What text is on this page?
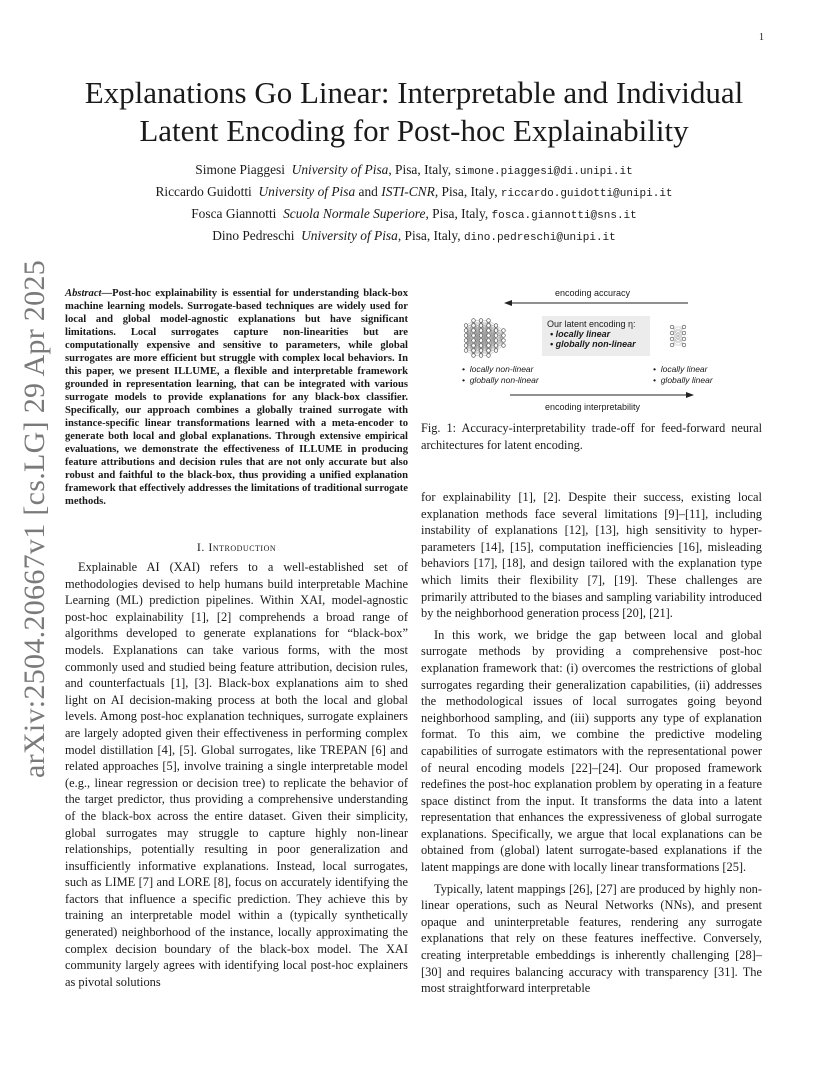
1
arXiv:2504.20667v1 [cs.LG] 29 Apr 2025
Explanations Go Linear: Interpretable and Individual Latent Encoding for Post-hoc Explainability
Simone Piaggesi University of Pisa, Pisa, Italy, simone.piaggesi@di.unipi.it
Riccardo Guidotti University of Pisa and ISTI-CNR, Pisa, Italy, riccardo.guidotti@unipi.it
Fosca Giannotti Scuola Normale Superiore, Pisa, Italy, fosca.giannotti@sns.it
Dino Pedreschi University of Pisa, Pisa, Italy, dino.pedreschi@unipi.it

Abstract—Post-hoc explainability is essential for understanding black-box machine learning models. Surrogate-based techniques are widely used for local and global model-agnostic explanations but have significant limitations. Local surrogates capture non-linearities but are computationally expensive and sensitive to parameters, while global surrogates are more efficient but struggle with complex local behaviors. In this paper, we present ILLUME, a flexible and interpretable framework grounded in representation learning, that can be integrated with various surrogate models to provide explanations for any black-box classifier. Specifically, our approach combines a globally trained surrogate with instance-specific linear transformations learned with a meta-encoder to generate both local and global explanations. Through extensive empirical evaluations, we demonstrate the effectiveness of ILLUME in producing feature attributions and decision rules that are not only accurate but also robust and faithful to the black-box, thus providing a unified explanation framework that effectively addresses the limitations of traditional surrogate methods.

I. Introduction

Explainable AI (XAI) refers to a well-established set of methodologies devised to help humans build interpretable Machine Learning (ML) prediction pipelines. Within XAI, model-agnostic post-hoc explainability [1], [2] comprehends a broad range of algorithms developed to generate explanations for “black-box” models. Explanations can take various forms, with the most commonly used and studied being feature attribution, decision rules, and counterfactuals [1], [3]. Black-box explanations aim to shed light on AI decision-making process at both the local and global levels. Among post-hoc explanation techniques, surrogate explainers are largely adopted given their effectiveness in performing complex model distillation [4], [5]. Global surrogates, like TREPAN [6] and related approaches [5], involve training a single interpretable model (e.g., linear regression or decision tree) to replicate the behavior of the target predictor, thus providing a comprehensive understanding of the black-box across the entire dataset. Given their simplicity, global surrogates may struggle to capture highly non-linear relationships, potentially resulting in poor generalization and insufficiently informative explanations. Instead, local surrogates, such as LIME [7] and LORE [8], focus on accurately identifying the factors that influence a specific prediction. They achieve this by training an interpretable model within a (typically synthetically generated) neighborhood of the instance, locally approximating the complex decision boundary of the black-box model. The XAI community largely agrees with identifying local post-hoc explainers as pivotal solutions

encoding accuracy
Our latent encoding η:
• locally linear
• globally non-linear
•  locally non-linear
•  globally non-linear
•  locally linear
•  globally linear
encoding interpretability
Fig. 1: Accuracy-interpretability trade-off for feed-forward neural architectures for latent encoding.

for explainability [1], [2]. Despite their success, existing local explanation methods face several limitations [9]–[11], including instability of explanations [12], [13], high sensitivity to hyper-parameters [14], [15], computation inefficiencies [16], misleading behaviors [17], [18], and design tailored with the explanation type which limits their flexibility [7], [19]. These challenges are primarily attributed to the biases and sampling variability introduced by the neighborhood generation process [20], [21].

In this work, we bridge the gap between local and global surrogate methods by providing a comprehensive post-hoc explanation framework that: (i) overcomes the restrictions of global surrogates regarding their generalization capabilities, (ii) addresses the methodological issues of local surrogates going beyond neighborhood sampling, and (iii) supports any type of explanation format. To this aim, we combine the predictive modeling capabilities of surrogate estimators with the representational power of neural encoding models [22]–[24]. Our proposed framework redefines the post-hoc explanation problem by operating in a feature space distinct from the input. It transforms the data into a latent representation that enhances the expressiveness of global surrogate explanations. Specifically, we argue that local explanations can be obtained from (global) latent surrogate-based explanations if the latent mappings are done with locally linear transformations [25].

Typically, latent mappings [26], [27] are produced by highly non-linear operations, such as Neural Networks (NNs), and present opaque and uninterpretable features, rendering any surrogate explanations that rely on these features ineffective. Conversely, creating interpretable embeddings is inherently challenging [28]–[30] and requires balancing accuracy with transparency [31]. The most straightforward interpretable
